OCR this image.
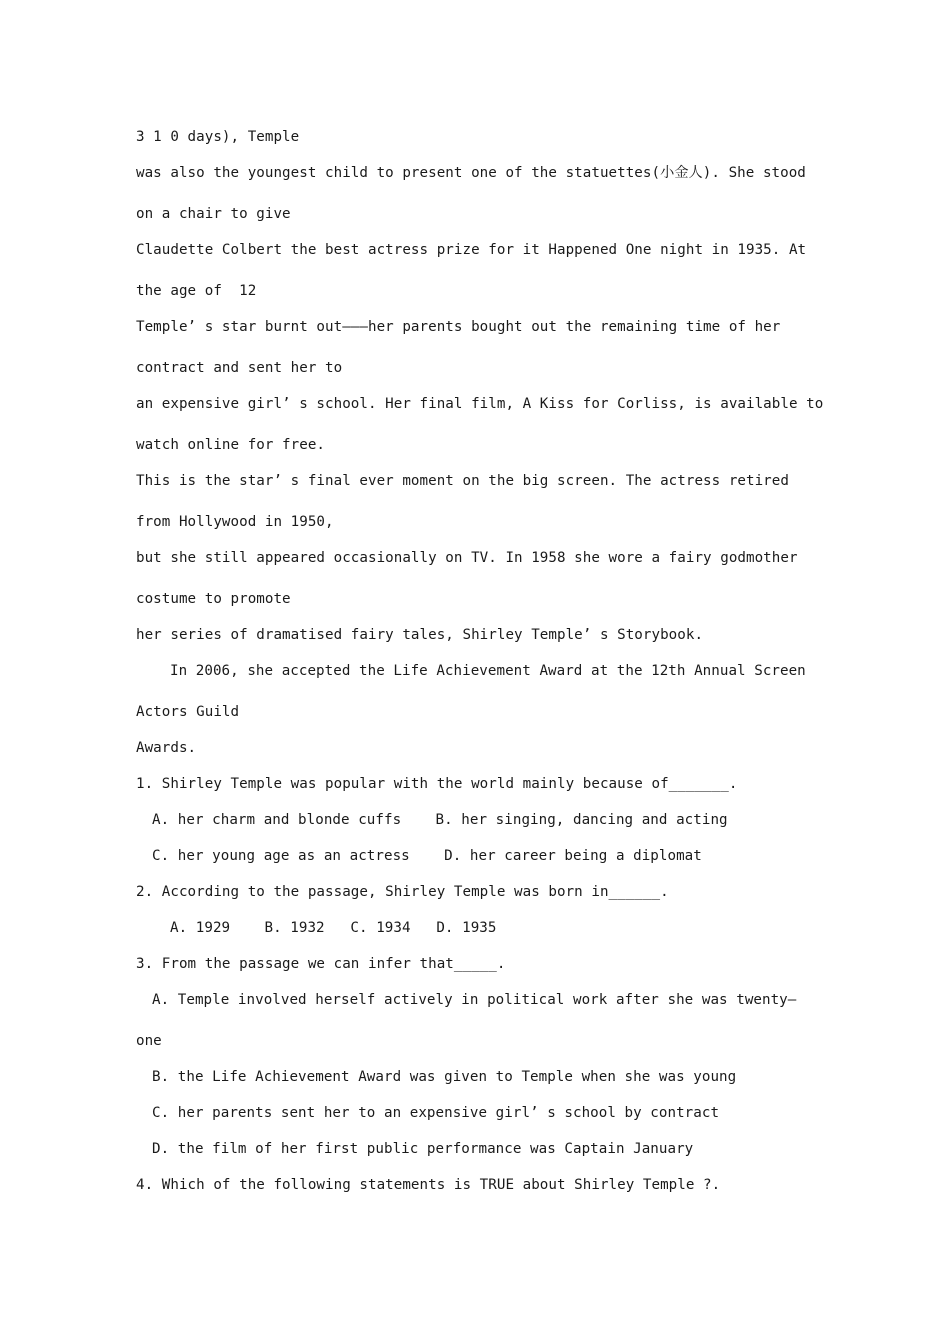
3 1 0 days), Temple
was also the youngest child to present one of the statuettes(小金人). She stood
on a chair to give
Claudette Colbert the best actress prize for it Happened One night in 1935. At
the age of  12
Temple’ s star burnt out———her parents bought out the remaining time of her
contract and sent her to
an expensive girl’ s school. Her final film, A Kiss for Corliss, is available to
watch online for free.
This is the star’ s final ever moment on the big screen. The actress retired
from Hollywood in 1950,
but she still appeared occasionally on TV. In 1958 she wore a fairy godmother
costume to promote
her series of dramatised fairy tales, Shirley Temple’ s Storybook.
In 2006, she accepted the Life Achievement Award at the 12th Annual Screen
Actors Guild
Awards.
1. Shirley Temple was popular with the world mainly because of_______.
A. her charm and blonde cuffs    B. her singing, dancing and acting
C. her young age as an actress    D. her career being a diplomat
2. According to the passage, Shirley Temple was born in______.
A. 1929    B. 1932   C. 1934   D. 1935
3. From the passage we can infer that_____.
A. Temple involved herself actively in political work after she was twenty—
one
B. the Life Achievement Award was given to Temple when she was young
C. her parents sent her to an expensive girl’ s school by contract
D. the film of her first public performance was Captain January
4. Which of the following statements is TRUE about Shirley Temple ?.
